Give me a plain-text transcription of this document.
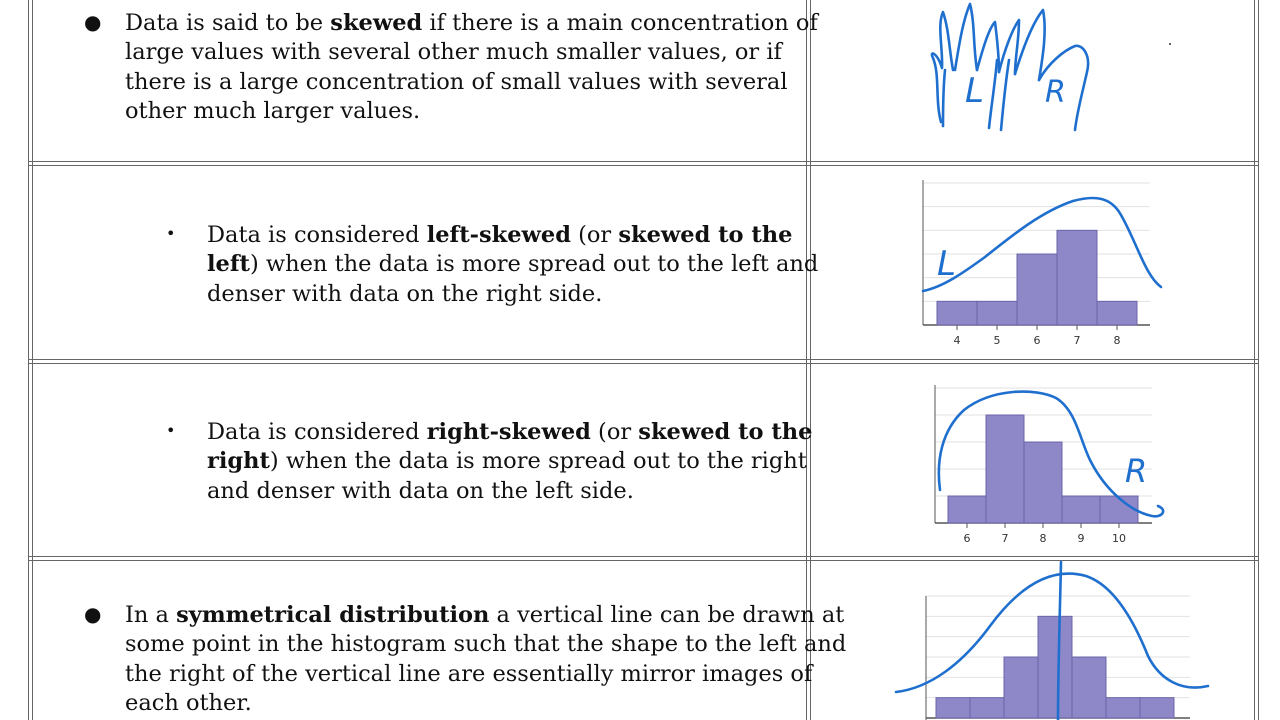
● Data is said to be skewed if there is a main concentration of
large values with several other much smaller values, or if
there is a large concentration of small values with several
other much larger values.	L R
• Data is considered left-skewed (or skewed to the
left) when the data is more spread out to the left and
denser with data on the right side.
L
4	5	6	7	8
• Data is considered right-skewed (or skewed to the
right) when the data is more spread out to the right
and denser with data on the left side.
R
6	7	8	9	10
● In a symmetrical distribution a vertical line can be drawn at
some point in the histogram such that the shape to the left and
the right of the vertical line are essentially mirror images of
each other.
